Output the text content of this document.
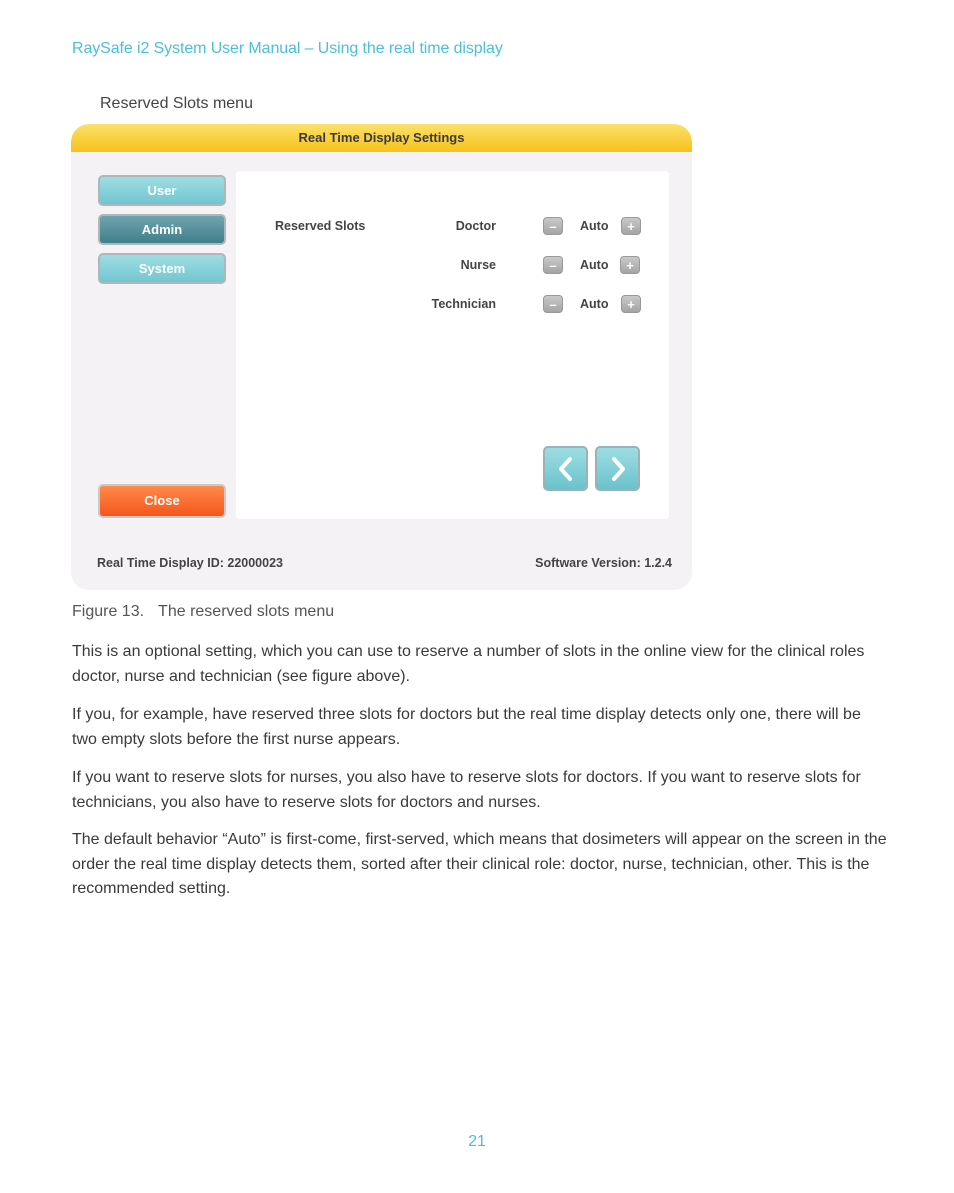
RaySafe i2 System User Manual – Using the real time display
Reserved Slots menu
Real Time Display Settings
User
Admin
System
Close
Reserved Slots	Doctor	–	Auto	+
Nurse	–	Auto	+
Technician	–	Auto	+
Real Time Display ID: 22000023	Software Version: 1.2.4
Figure 13. The reserved slots menu

This is an optional setting, which you can use to reserve a number of slots in the online view for the clinical roles doctor, nurse and technician (see figure above).

If you, for example, have reserved three slots for doctors but the real time display detects only one, there will be two empty slots before the first nurse appears.

If you want to reserve slots for nurses, you also have to reserve slots for doctors. If you want to reserve slots for technicians, you also have to reserve slots for doctors and nurses.

The default behavior “Auto” is first-come, first-served, which means that dosimeters will appear on the screen in the order the real time display detects them, sorted after their clinical role: doctor, nurse, technician, other. This is the recommended setting.

21
